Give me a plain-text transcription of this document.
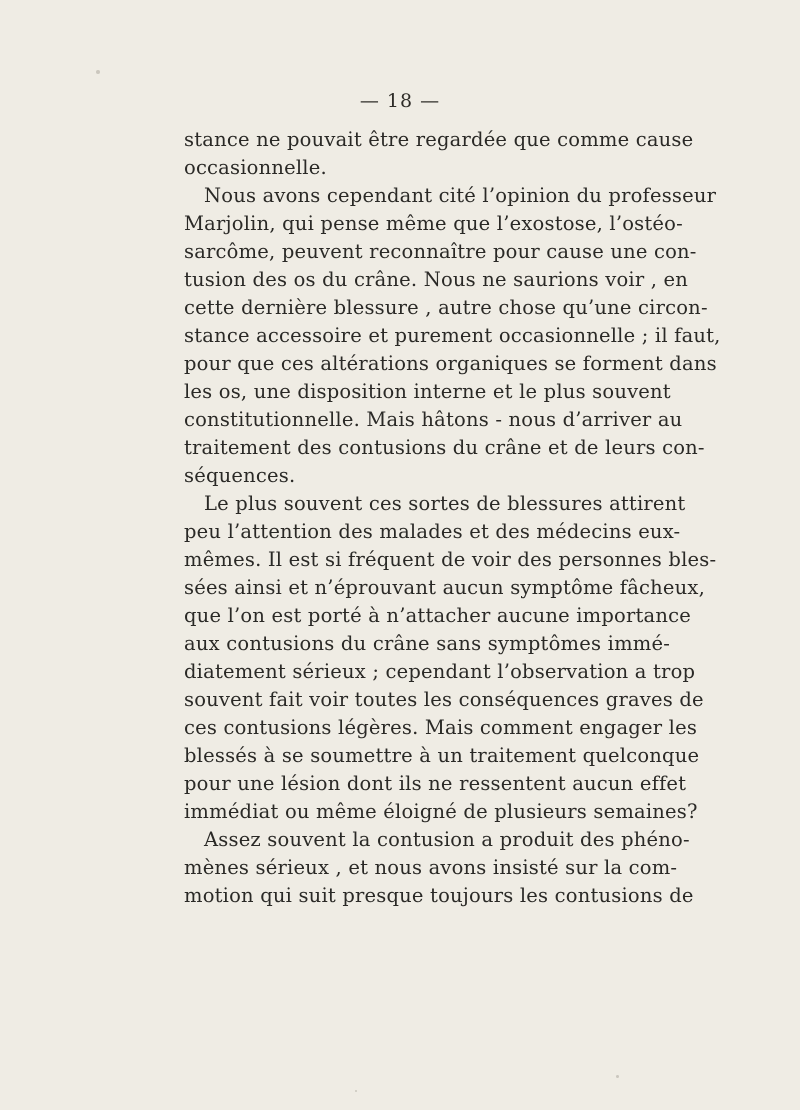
— 18 —
stance ne pouvait être regardée que comme cause
occasionnelle.
Nous avons cependant cité l’opinion du professeur
Marjolin, qui pense même que l’exostose, l’ostéo-
sarcôme, peuvent reconnaître pour cause une con-
tusion des os du crâne. Nous ne saurions voir , en
cette dernière blessure , autre chose qu’une circon-
stance accessoire et purement occasionnelle ; il faut,
pour que ces altérations organiques se forment dans
les os, une disposition interne et le plus souvent
constitutionnelle. Mais hâtons - nous d’arriver au
traitement des contusions du crâne et de leurs con-
séquences.
Le plus souvent ces sortes de blessures attirent
peu l’attention des malades et des médecins eux-
mêmes. Il est si fréquent de voir des personnes bles-
sées ainsi et n’éprouvant aucun symptôme fâcheux,
que l’on est porté à n’attacher aucune importance
aux contusions du crâne sans symptômes immé-
diatement sérieux ; cependant l’observation a trop
souvent fait voir toutes les conséquences graves de
ces contusions légères. Mais comment engager les
blessés à se soumettre à un traitement quelconque
pour une lésion dont ils ne ressentent aucun effet
immédiat ou même éloigné de plusieurs semaines?
Assez souvent la contusion a produit des phéno-
mènes sérieux , et nous avons insisté sur la com-
motion qui suit presque toujours les contusions de
